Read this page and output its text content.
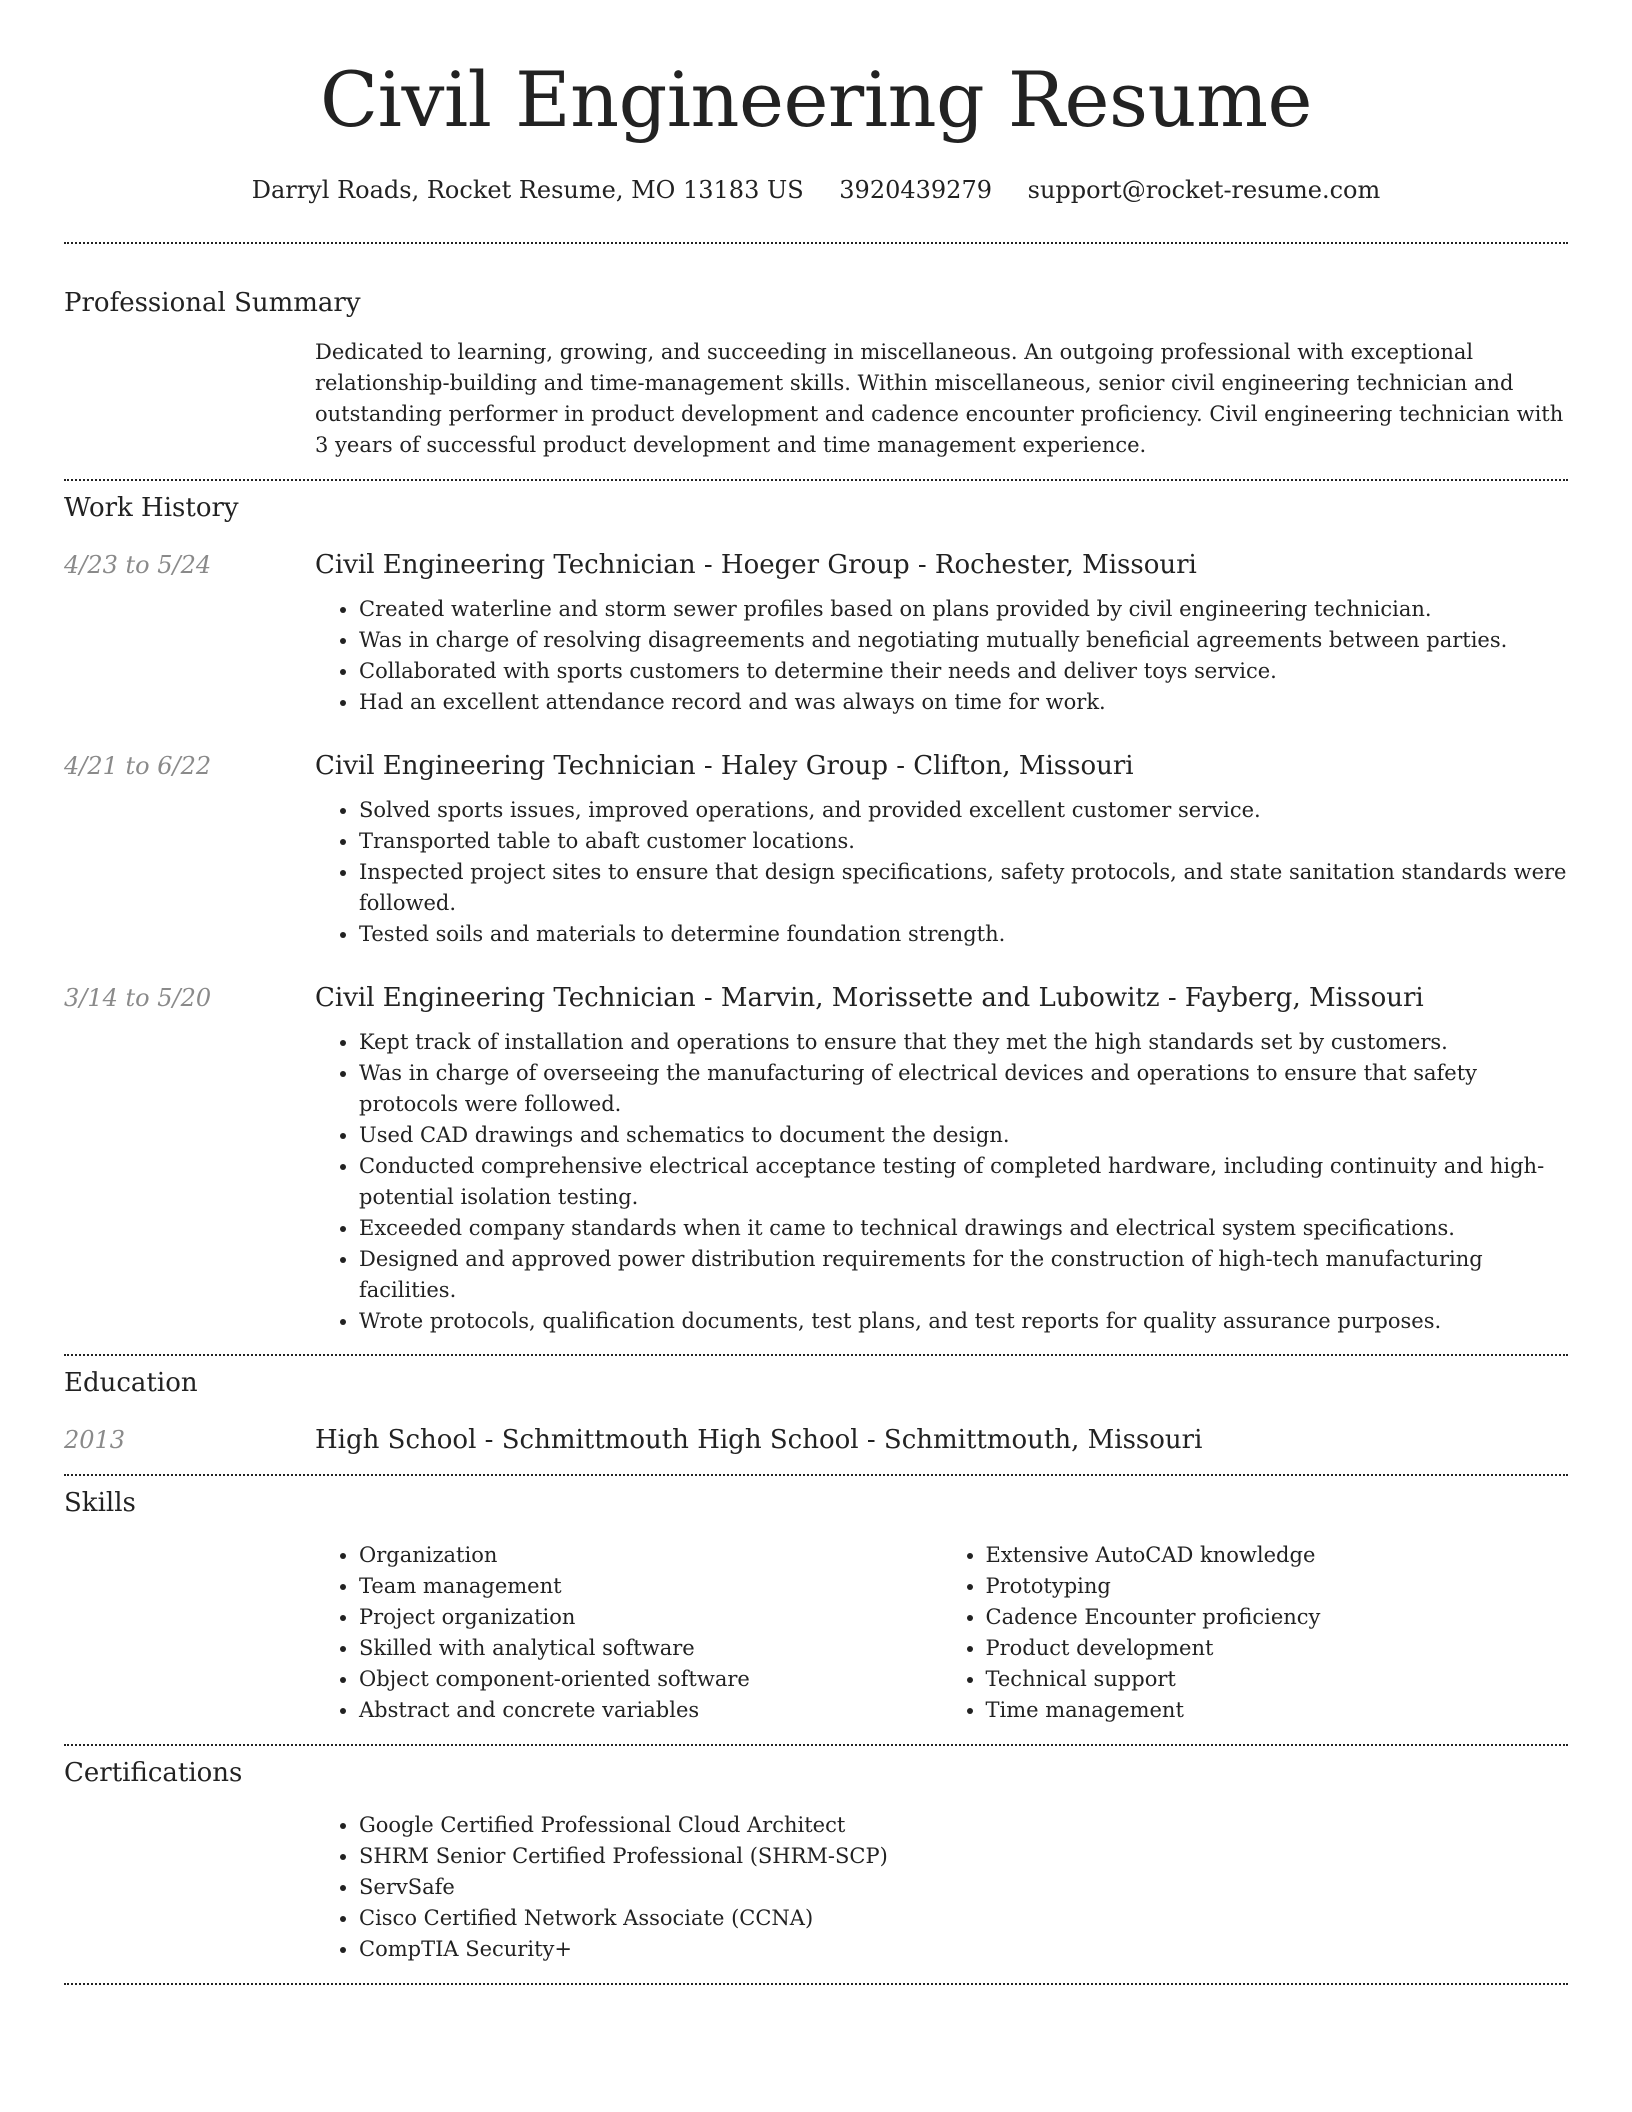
Civil Engineering Resume
Darryl Roads, Rocket Resume, MO 13183 US 3920439279 support@rocket-resume.com
Professional Summary
Dedicated to learning, growing, and succeeding in miscellaneous. An outgoing professional with exceptional relationship-building and time-management skills. Within miscellaneous, senior civil engineering technician and outstanding performer in product development and cadence encounter proficiency. Civil engineering technician with 3 years of successful product development and time management experience.
Work History
4/23 to 5/24	Civil Engineering Technician - Hoeger Group - Rochester, Missouri
• Created waterline and storm sewer profiles based on plans provided by civil engineering technician.
• Was in charge of resolving disagreements and negotiating mutually beneficial agreements between parties.
• Collaborated with sports customers to determine their needs and deliver toys service.
• Had an excellent attendance record and was always on time for work.
4/21 to 6/22	Civil Engineering Technician - Haley Group - Clifton, Missouri
• Solved sports issues, improved operations, and provided excellent customer service.
• Transported table to abaft customer locations.
• Inspected project sites to ensure that design specifications, safety protocols, and state sanitation standards were followed.
• Tested soils and materials to determine foundation strength.
3/14 to 5/20	Civil Engineering Technician - Marvin, Morissette and Lubowitz - Fayberg, Missouri
• Kept track of installation and operations to ensure that they met the high standards set by customers.
• Was in charge of overseeing the manufacturing of electrical devices and operations to ensure that safety protocols were followed.
• Used CAD drawings and schematics to document the design.
• Conducted comprehensive electrical acceptance testing of completed hardware, including continuity and high-potential isolation testing.
• Exceeded company standards when it came to technical drawings and electrical system specifications.
• Designed and approved power distribution requirements for the construction of high-tech manufacturing facilities.
• Wrote protocols, qualification documents, test plans, and test reports for quality assurance purposes.
Education
2013	High School - Schmittmouth High School - Schmittmouth, Missouri
Skills
• Organization
• Team management
• Project organization
• Skilled with analytical software
• Object component-oriented software
• Abstract and concrete variables
• Extensive AutoCAD knowledge
• Prototyping
• Cadence Encounter proficiency
• Product development
• Technical support
• Time management
Certifications
• Google Certified Professional Cloud Architect
• SHRM Senior Certified Professional (SHRM-SCP)
• ServSafe
• Cisco Certified Network Associate (CCNA)
• CompTIA Security+
